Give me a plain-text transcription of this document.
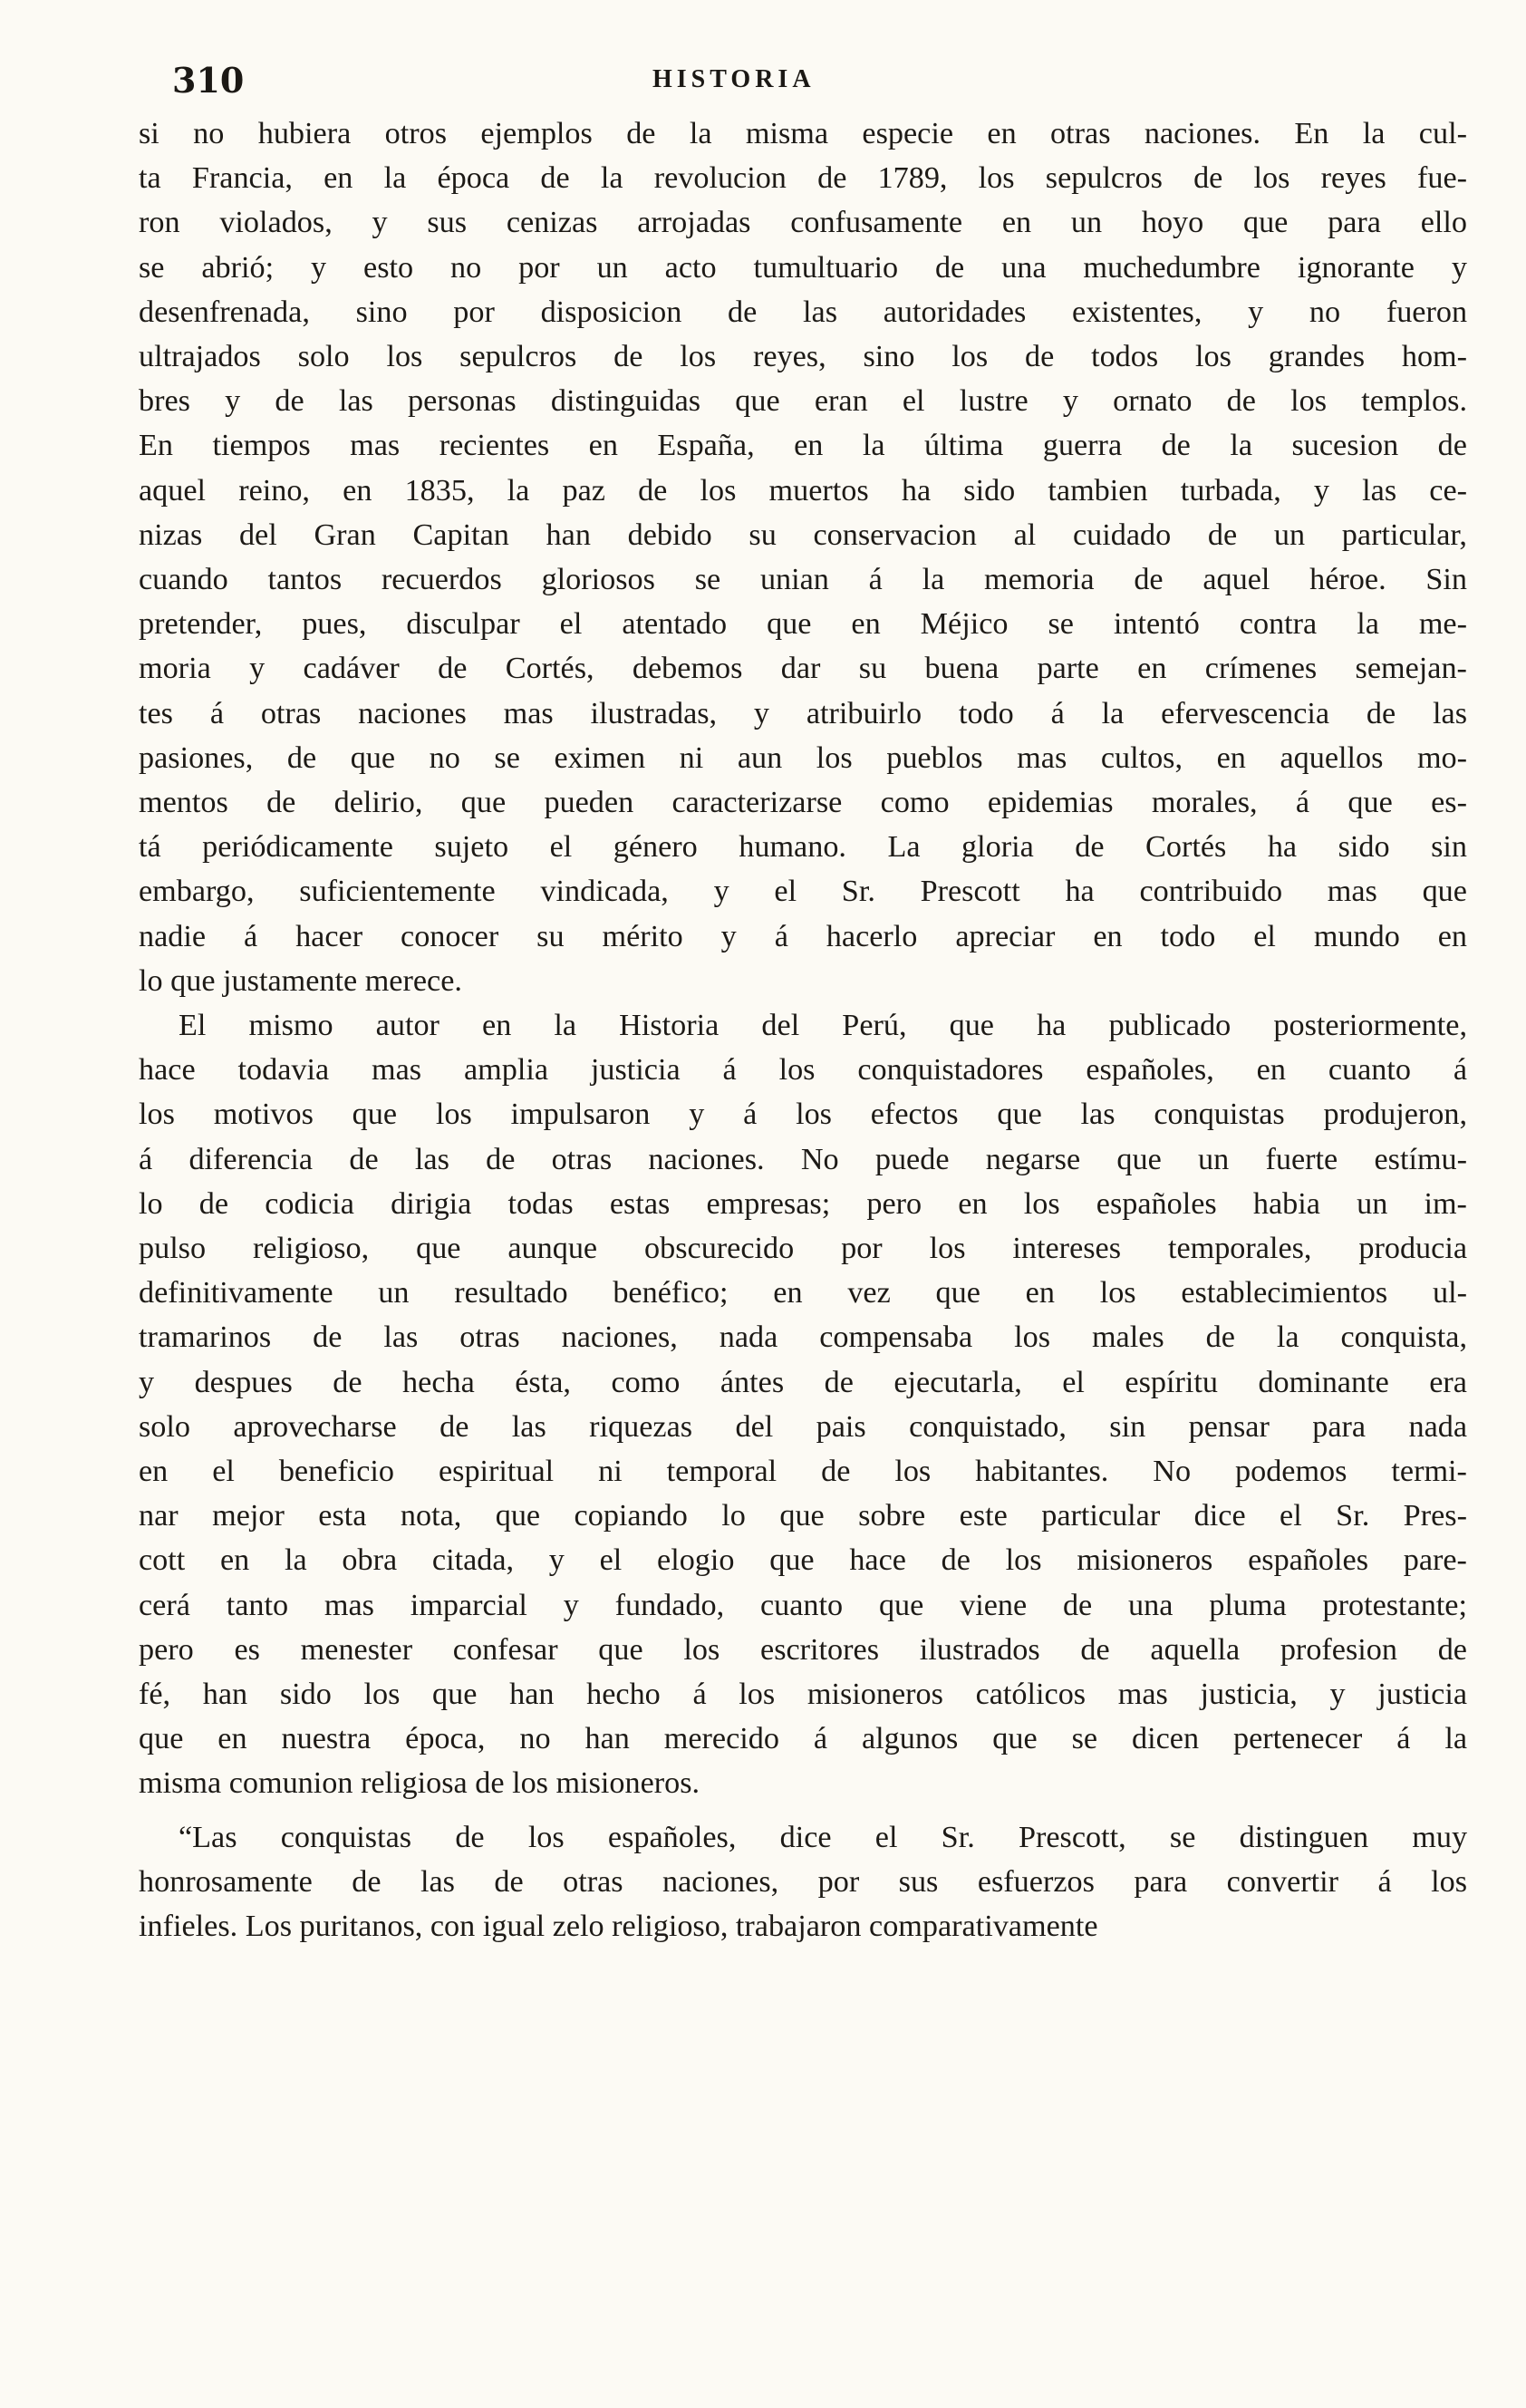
310	HISTORIA
si no hubiera otros ejemplos de la misma especie en otras naciones. En la cul-
ta Francia, en la época de la revolucion de 1789, los sepulcros de los reyes fue-
ron violados, y sus cenizas arrojadas confusamente en un hoyo que para ello
se abrió; y esto no por un acto tumultuario de una muchedumbre ignorante y
desenfrenada, sino por disposicion de las autoridades existentes, y no fueron
ultrajados solo los sepulcros de los reyes, sino los de todos los grandes hom-
bres y de las personas distinguidas que eran el lustre y ornato de los templos.
En tiempos mas recientes en España, en la última guerra de la sucesion de
aquel reino, en 1835, la paz de los muertos ha sido tambien turbada, y las ce-
nizas del Gran Capitan han debido su conservacion al cuidado de un particular,
cuando tantos recuerdos gloriosos se unian á la memoria de aquel héroe. Sin
pretender, pues, disculpar el atentado que en Méjico se intentó contra la me-
moria y cadáver de Cortés, debemos dar su buena parte en crímenes semejan-
tes á otras naciones mas ilustradas, y atribuirlo todo á la efervescencia de las
pasiones, de que no se eximen ni aun los pueblos mas cultos, en aquellos mo-
mentos de delirio, que pueden caracterizarse como epidemias morales, á que es-
tá periódicamente sujeto el género humano. La gloria de Cortés ha sido sin
embargo, suficientemente vindicada, y el Sr. Prescott ha contribuido mas que
nadie á hacer conocer su mérito y á hacerlo apreciar en todo el mundo en
lo que justamente merece.
El mismo autor en la Historia del Perú, que ha publicado posteriormente,
hace todavia mas amplia justicia á los conquistadores españoles, en cuanto á
los motivos que los impulsaron y á los efectos que las conquistas produjeron,
á diferencia de las de otras naciones. No puede negarse que un fuerte estímu-
lo de codicia dirigia todas estas empresas; pero en los españoles habia un im-
pulso religioso, que aunque obscurecido por los intereses temporales, producia
definitivamente un resultado benéfico; en vez que en los establecimientos ul-
tramarinos de las otras naciones, nada compensaba los males de la conquista,
y despues de hecha ésta, como ántes de ejecutarla, el espíritu dominante era
solo aprovecharse de las riquezas del pais conquistado, sin pensar para nada
en el beneficio espiritual ni temporal de los habitantes. No podemos termi-
nar mejor esta nota, que copiando lo que sobre este particular dice el Sr. Pres-
cott en la obra citada, y el elogio que hace de los misioneros españoles pare-
cerá tanto mas imparcial y fundado, cuanto que viene de una pluma protestante;
pero es menester confesar que los escritores ilustrados de aquella profesion de
fé, han sido los que han hecho á los misioneros católicos mas justicia, y justicia
que en nuestra época, no han merecido á algunos que se dicen pertenecer á la
misma comunion religiosa de los misioneros.
“Las conquistas de los españoles, dice el Sr. Prescott, se distinguen muy
honrosamente de las de otras naciones, por sus esfuerzos para convertir á los
infieles. Los puritanos, con igual zelo religioso, trabajaron comparativamente
